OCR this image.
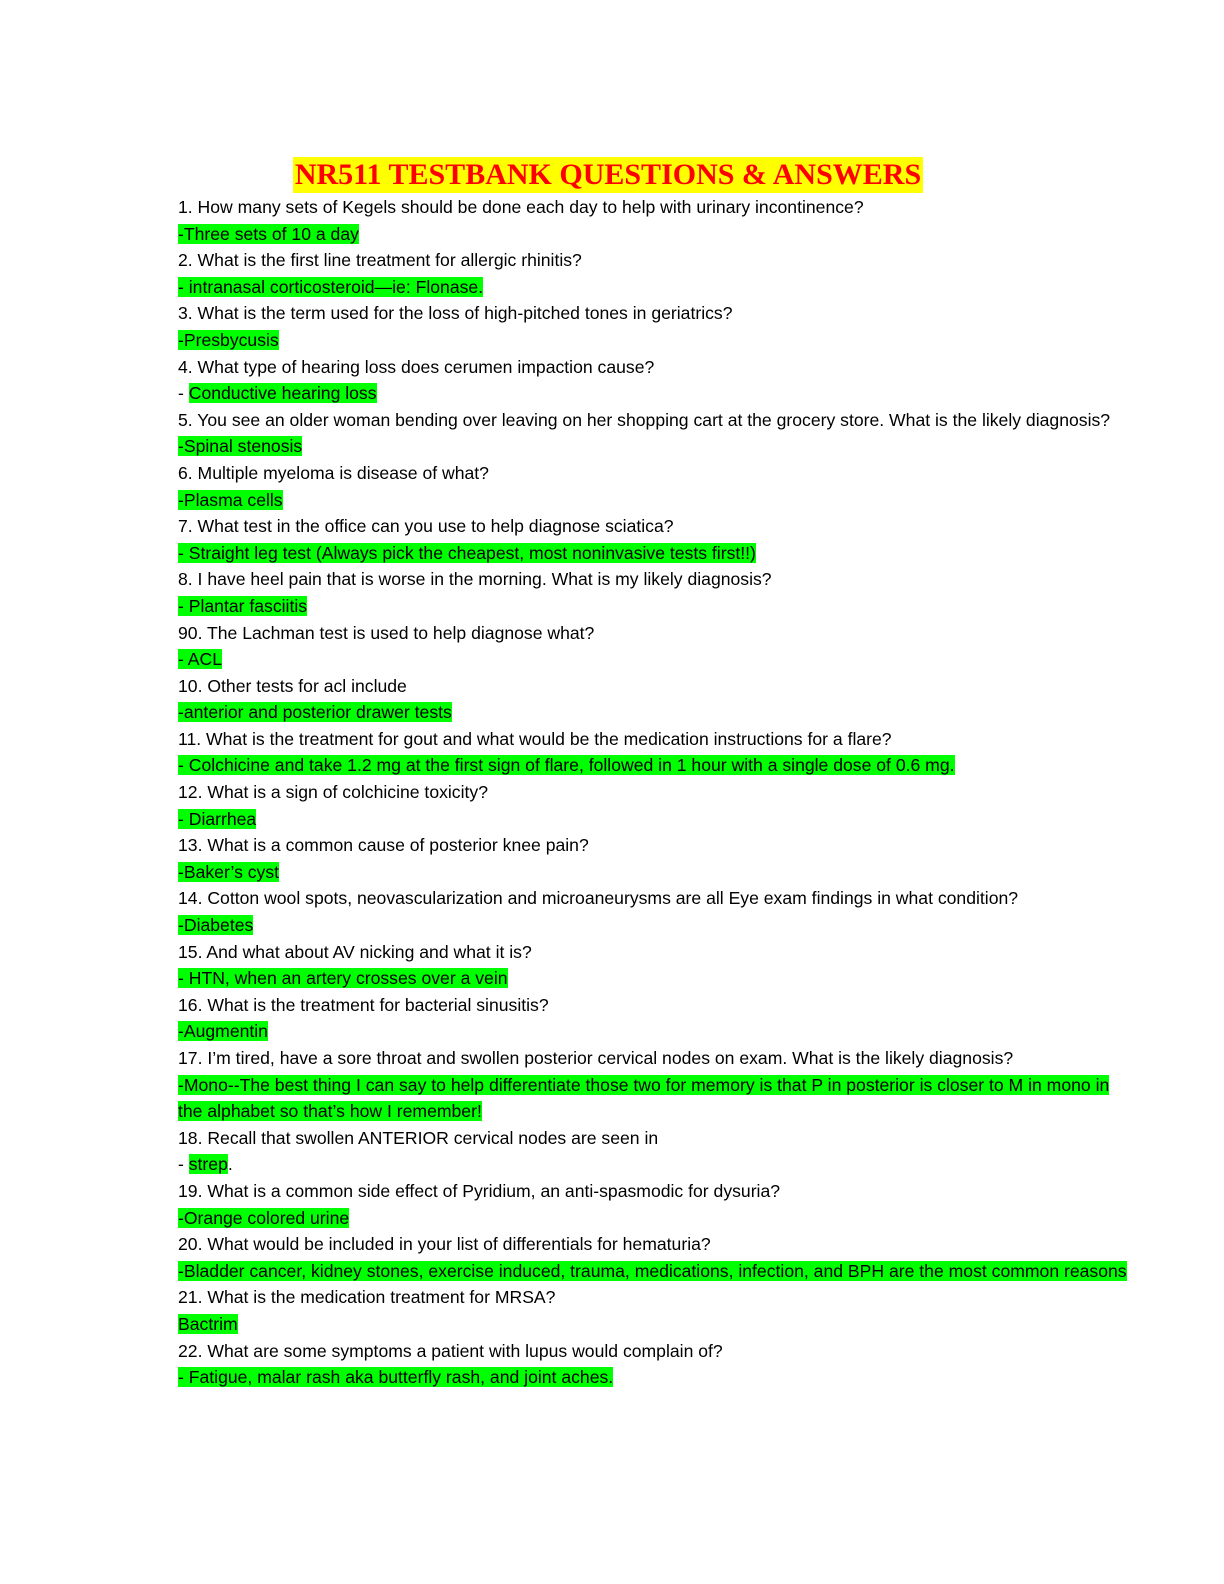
NR511 TESTBANK QUESTIONS & ANSWERS

1. How many sets of Kegels should be done each day to help with urinary incontinence?

-Three sets of 10 a day

2. What is the first line treatment for allergic rhinitis?

- intranasal corticosteroid—ie: Flonase.

3. What is the term used for the loss of high-pitched tones in geriatrics?

-Presbycusis

4. What type of hearing loss does cerumen impaction cause?

- Conductive hearing loss

5. You see an older woman bending over leaving on her shopping cart at the grocery store. What is the likely diagnosis?

-Spinal stenosis

6. Multiple myeloma is disease of what?

-Plasma cells

7. What test in the office can you use to help diagnose sciatica?

- Straight leg test (Always pick the cheapest, most noninvasive tests first!!)

8. I have heel pain that is worse in the morning. What is my likely diagnosis?

- Plantar fasciitis

90. The Lachman test is used to help diagnose what?

- ACL

10. Other tests for acl include

-anterior and posterior drawer tests

11. What is the treatment for gout and what would be the medication instructions for a flare?

- Colchicine and take 1.2 mg at the first sign of flare, followed in 1 hour with a single dose of 0.6 mg.

12. What is a sign of colchicine toxicity?

- Diarrhea

13. What is a common cause of posterior knee pain?

-Baker’s cyst

14. Cotton wool spots, neovascularization and microaneurysms are all Eye exam findings in what condition?

-Diabetes

15. And what about AV nicking and what it is?

- HTN, when an artery crosses over a vein

16. What is the treatment for bacterial sinusitis?

-Augmentin

17. I’m tired, have a sore throat and swollen posterior cervical nodes on exam. What is the likely diagnosis?

-Mono--The best thing I can say to help differentiate those two for memory is that P in posterior is closer to M in mono in the alphabet so that’s how I remember!

18. Recall that swollen ANTERIOR cervical nodes are seen in

- strep.

19. What is a common side effect of Pyridium, an anti-spasmodic for dysuria?

-Orange colored urine

20. What would be included in your list of differentials for hematuria?

-Bladder cancer, kidney stones, exercise induced, trauma, medications, infection, and BPH are the most common reasons

21. What is the medication treatment for MRSA?

Bactrim

22. What are some symptoms a patient with lupus would complain of?

- Fatigue, malar rash aka butterfly rash, and joint aches.
